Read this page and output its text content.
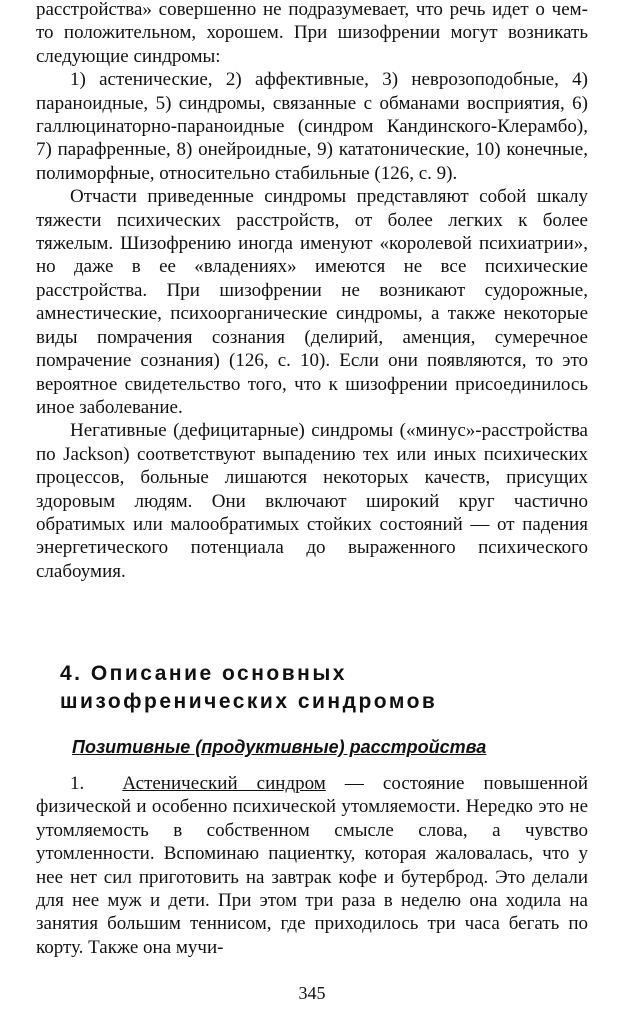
расстройства» совершенно не подразумевает, что речь идет о чем-то положительном, хорошем. При шизофрении могут возникать следующие синдромы:

1) астенические, 2) аффективные, 3) неврозоподобные, 4) параноидные, 5) синдромы, связанные с обманами восприятия, 6) галлюцинаторно-параноидные (синдром Кандинского-Клерамбо), 7) парафренные, 8) онейроидные, 9) кататонические, 10) конечные, полиморфные, относительно стабильные (126, с. 9).

Отчасти приведенные синдромы представляют собой шкалу тяжести психических расстройств, от более легких к более тяжелым. Шизофрению иногда именуют «королевой психиатрии», но даже в ее «владениях» имеются не все психические расстройства. При шизофрении не возникают судорожные, амнестические, психоорганические синдромы, а также некоторые виды помрачения сознания (делирий, аменция, сумеречное помрачение сознания) (126, с. 10). Если они появляются, то это вероятное свидетельство того, что к шизофрении присоединилось иное заболевание.

Негативные (дефицитарные) синдромы («минус»-расстройства по Jackson) соответствуют выпадению тех или иных психических процессов, больные лишаются некоторых качеств, присущих здоровым людям. Они включают широкий круг частично обратимых или малообратимых стойких состояний — от падения энергетического потенциала до выраженного психического слабоумия.

4. Описание основных
шизофренических синдромов
Позитивные (продуктивные) расстройства

1. Астенический синдром — состояние повышенной физической и особенно психической утомляемости. Нередко это не утомляемость в собственном смысле слова, а чувство утомленности. Вспоминаю пациентку, которая жаловалась, что у нее нет сил приготовить на завтрак кофе и бутерброд. Это делали для нее муж и дети. При этом три раза в неделю она ходила на занятия большим теннисом, где приходилось три часа бегать по корту. Также она мучи-

345
